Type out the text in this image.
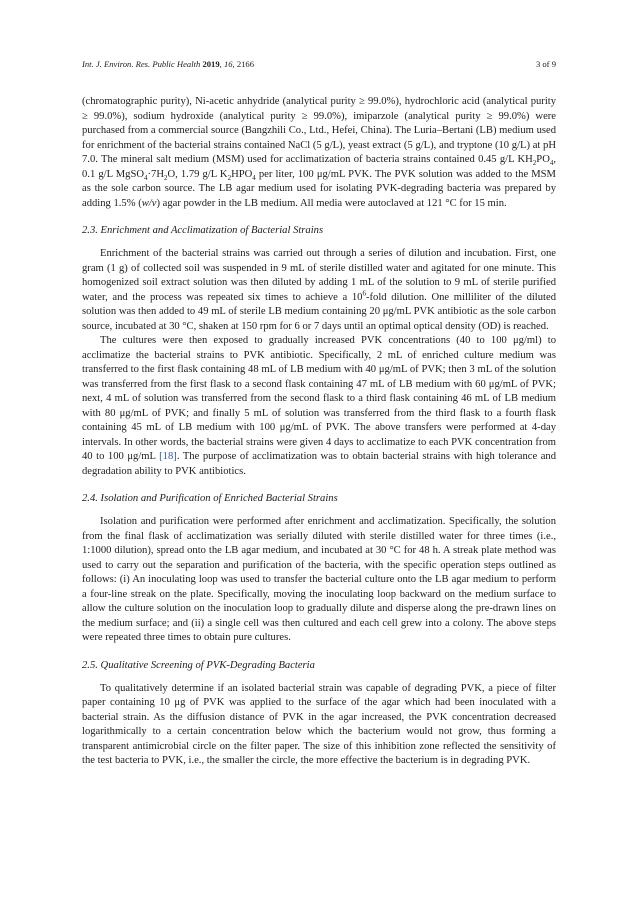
Int. J. Environ. Res. Public Health 2019, 16, 2166	3 of 9

(chromatographic purity), Ni-acetic anhydride (analytical purity ≥ 99.0%), hydrochloric acid (analytical purity ≥ 99.0%), sodium hydroxide (analytical purity ≥ 99.0%), imiparzole (analytical purity ≥ 99.0%) were purchased from a commercial source (Bangzhili Co., Ltd., Hefei, China). The Luria–Bertani (LB) medium used for enrichment of the bacterial strains contained NaCl (5 g/L), yeast extract (5 g/L), and tryptone (10 g/L) at pH 7.0. The mineral salt medium (MSM) used for acclimatization of bacteria strains contained 0.45 g/L $KH_2PO_4$, 0.1 g/L $MgSO_4\cdot 7H_2O$, 1.79 g/L $K_2HPO_4$ per liter, 100 μg/mL PVK. The PVK solution was added to the MSM as the sole carbon source. The LB agar medium used for isolating PVK-degrading bacteria was prepared by adding 1.5% (w/v) agar powder in the LB medium. All media were autoclaved at 121 °C for 15 min.

2.3. Enrichment and Acclimatization of Bacterial Strains

Enrichment of the bacterial strains was carried out through a series of dilution and incubation. First, one gram (1 g) of collected soil was suspended in 9 mL of sterile distilled water and agitated for one minute. This homogenized soil extract solution was then diluted by adding 1 mL of the solution to 9 mL of sterile purified water, and the process was repeated six times to achieve a $10^6$-fold dilution. One milliliter of the diluted solution was then added to 49 mL of sterile LB medium containing 20 μg/mL PVK antibiotic as the sole carbon source, incubated at 30 °C, shaken at 150 rpm for 6 or 7 days until an optimal optical density (OD) is reached.

The cultures were then exposed to gradually increased PVK concentrations (40 to 100 μg/ml) to acclimatize the bacterial strains to PVK antibiotic. Specifically, 2 mL of enriched culture medium was transferred to the first flask containing 48 mL of LB medium with 40 μg/mL of PVK; then 3 mL of the solution was transferred from the first flask to a second flask containing 47 mL of LB medium with 60 μg/mL of PVK; next, 4 mL of solution was transferred from the second flask to a third flask containing 46 mL of LB medium with 80 μg/mL of PVK; and finally 5 mL of solution was transferred from the third flask to a fourth flask containing 45 mL of LB medium with 100 μg/mL of PVK. The above transfers were performed at 4-day intervals. In other words, the bacterial strains were given 4 days to acclimatize to each PVK concentration from 40 to 100 μg/mL [18]. The purpose of acclimatization was to obtain bacterial strains with high tolerance and degradation ability to PVK antibiotics.

2.4. Isolation and Purification of Enriched Bacterial Strains

Isolation and purification were performed after enrichment and acclimatization. Specifically, the solution from the final flask of acclimatization was serially diluted with sterile distilled water for three times (i.e., 1:1000 dilution), spread onto the LB agar medium, and incubated at 30 °C for 48 h. A streak plate method was used to carry out the separation and purification of the bacteria, with the specific operation steps outlined as follows: (i) An inoculating loop was used to transfer the bacterial culture onto the LB agar medium to perform a four-line streak on the plate. Specifically, moving the inoculating loop backward on the medium surface to allow the culture solution on the inoculation loop to gradually dilute and disperse along the pre-drawn lines on the medium surface; and (ii) a single cell was then cultured and each cell grew into a colony. The above steps were repeated three times to obtain pure cultures.

2.5. Qualitative Screening of PVK-Degrading Bacteria

To qualitatively determine if an isolated bacterial strain was capable of degrading PVK, a piece of filter paper containing 10 μg of PVK was applied to the surface of the agar which had been inoculated with a bacterial strain. As the diffusion distance of PVK in the agar increased, the PVK concentration decreased logarithmically to a certain concentration below which the bacterium would not grow, thus forming a transparent antimicrobial circle on the filter paper. The size of this inhibition zone reflected the sensitivity of the test bacteria to PVK, i.e., the smaller the circle, the more effective the bacterium is in degrading PVK.
